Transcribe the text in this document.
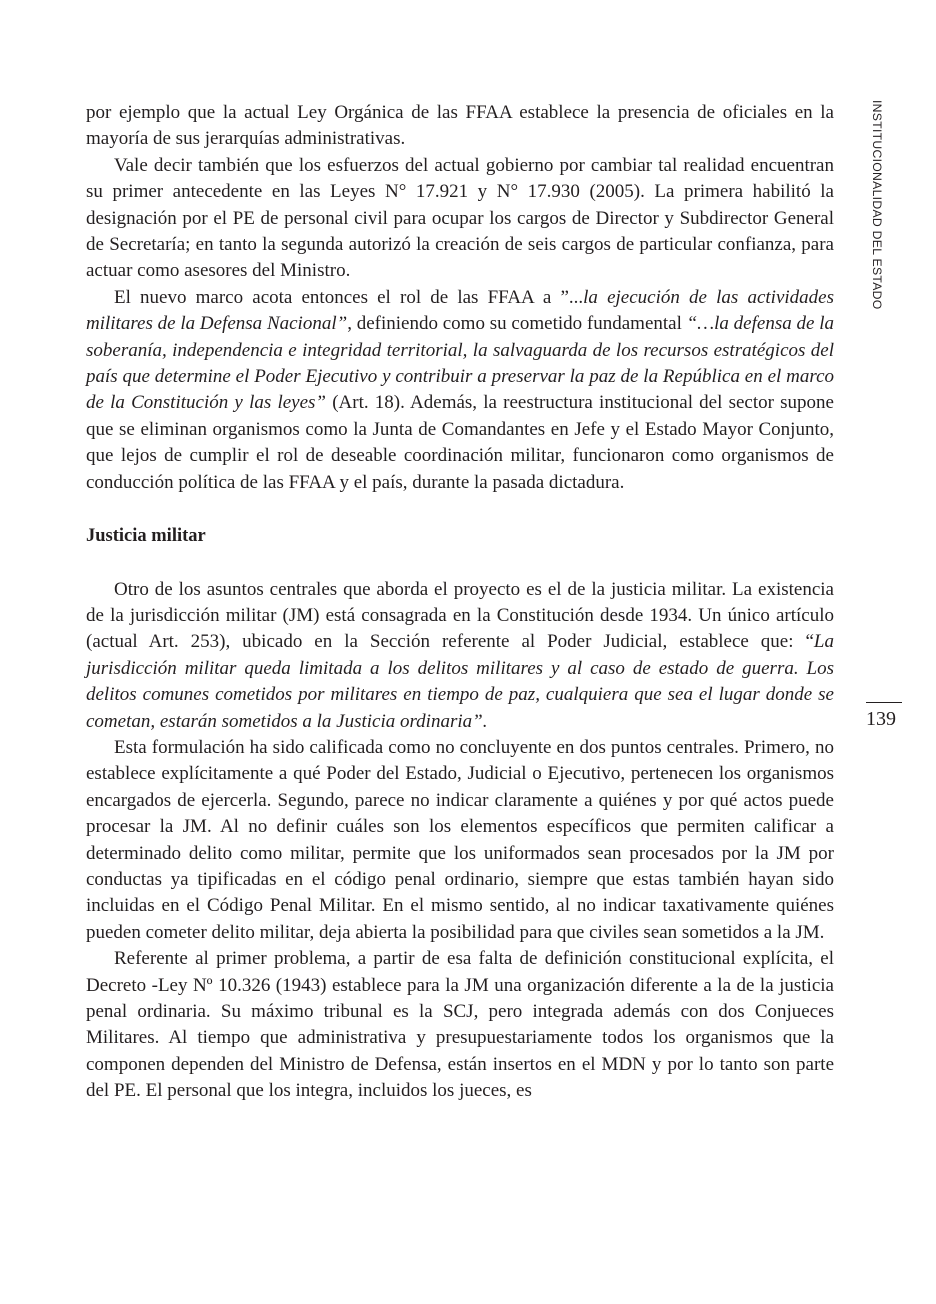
por ejemplo que la actual Ley Orgánica de las FFAA establece la presencia de oficiales en la mayoría de sus jerarquías administrativas.

Vale decir también que los esfuerzos del actual gobierno por cambiar tal realidad encuentran su primer antecedente en las Leyes N° 17.921 y N° 17.930 (2005). La primera habilitó la designación por el PE de personal civil para ocupar los cargos de Director y Subdirector General de Secretaría; en tanto la segunda autorizó la creación de seis cargos de particular confianza, para actuar como asesores del Ministro.

El nuevo marco acota entonces el rol de las FFAA a ”...la ejecución de las actividades militares de la Defensa Nacional”, definiendo como su cometido fundamental “…la defensa de la soberanía, independencia e integridad territorial, la salvaguarda de los recursos estratégicos del país que determine el Poder Ejecutivo y contribuir a preservar la paz de la República en el marco de la Constitución y las leyes” (Art. 18). Además, la reestructura institucional del sector supone que se eliminan organismos como la Junta de Comandantes en Jefe y el Estado Mayor Conjunto, que lejos de cumplir el rol de deseable coordinación militar, funcionaron como organismos de conducción política de las FFAA y el país, durante la pasada dictadura.

Justicia militar

Otro de los asuntos centrales que aborda el proyecto es el de la justicia militar. La existencia de la jurisdicción militar (JM) está consagrada en la Constitución desde 1934. Un único artículo (actual Art. 253), ubicado en la Sección referente al Poder Judicial, establece que: “La jurisdicción militar queda limitada a los delitos militares y al caso de estado de guerra. Los delitos comunes cometidos por militares en tiempo de paz, cualquiera que sea el lugar donde se cometan, estarán sometidos a la Justicia ordinaria”.

Esta formulación ha sido calificada como no concluyente en dos puntos centrales. Primero, no establece explícitamente a qué Poder del Estado, Judicial o Ejecutivo, pertenecen los organismos encargados de ejercerla. Segundo, parece no indicar claramente a quiénes y por qué actos puede procesar la JM. Al no definir cuáles son los elementos específicos que permiten calificar a determinado delito como militar, permite que los uniformados sean procesados por la JM por conductas ya tipificadas en el código penal ordinario, siempre que estas también hayan sido incluidas en el Código Penal Militar. En el mismo sentido, al no indicar taxativamente quiénes pueden cometer delito militar, deja abierta la posibilidad para que civiles sean sometidos a la JM.

Referente al primer problema, a partir de esa falta de definición constitucional explícita, el Decreto -Ley Nº 10.326 (1943) establece para la JM una organización diferente a la de la justicia penal ordinaria. Su máximo tribunal es la SCJ, pero integrada además con dos Conjueces Militares. Al tiempo que administrativa y presupuestariamente todos los organismos que la componen dependen del Ministro de Defensa, están insertos en el MDN y por lo tanto son parte del PE. El personal que los integra, incluidos los jueces, es

INSTITUCIONALIDAD DEL ESTADO
139
